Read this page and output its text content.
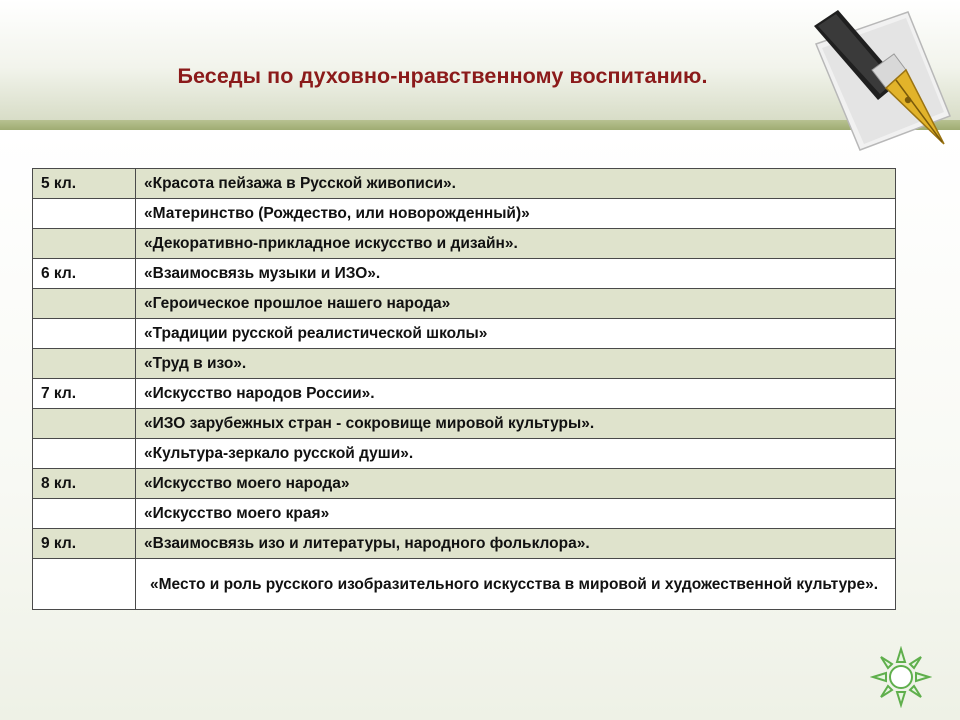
Беседы по духовно-нравственному воспитанию.
5 кл.	«Красота пейзажа в Русской живописи».
	«Материнство (Рождество, или новорожденный)»
	«Декоративно-прикладное искусство и дизайн».
6 кл.	«Взаимосвязь музыки и ИЗО».
	«Героическое прошлое нашего народа»
	«Традиции русской реалистической школы»
	«Труд в изо».
7 кл.	«Искусство народов России».
	«ИЗО зарубежных стран - сокровище мировой культуры».
	«Культура-зеркало русской души».
8 кл.	«Искусство моего народа»
	«Искусство моего края»
9 кл.	«Взаимосвязь изо и литературы, народного фольклора».
	«Место и роль русского изобразительного искусства в мировой и художественной культуре».
